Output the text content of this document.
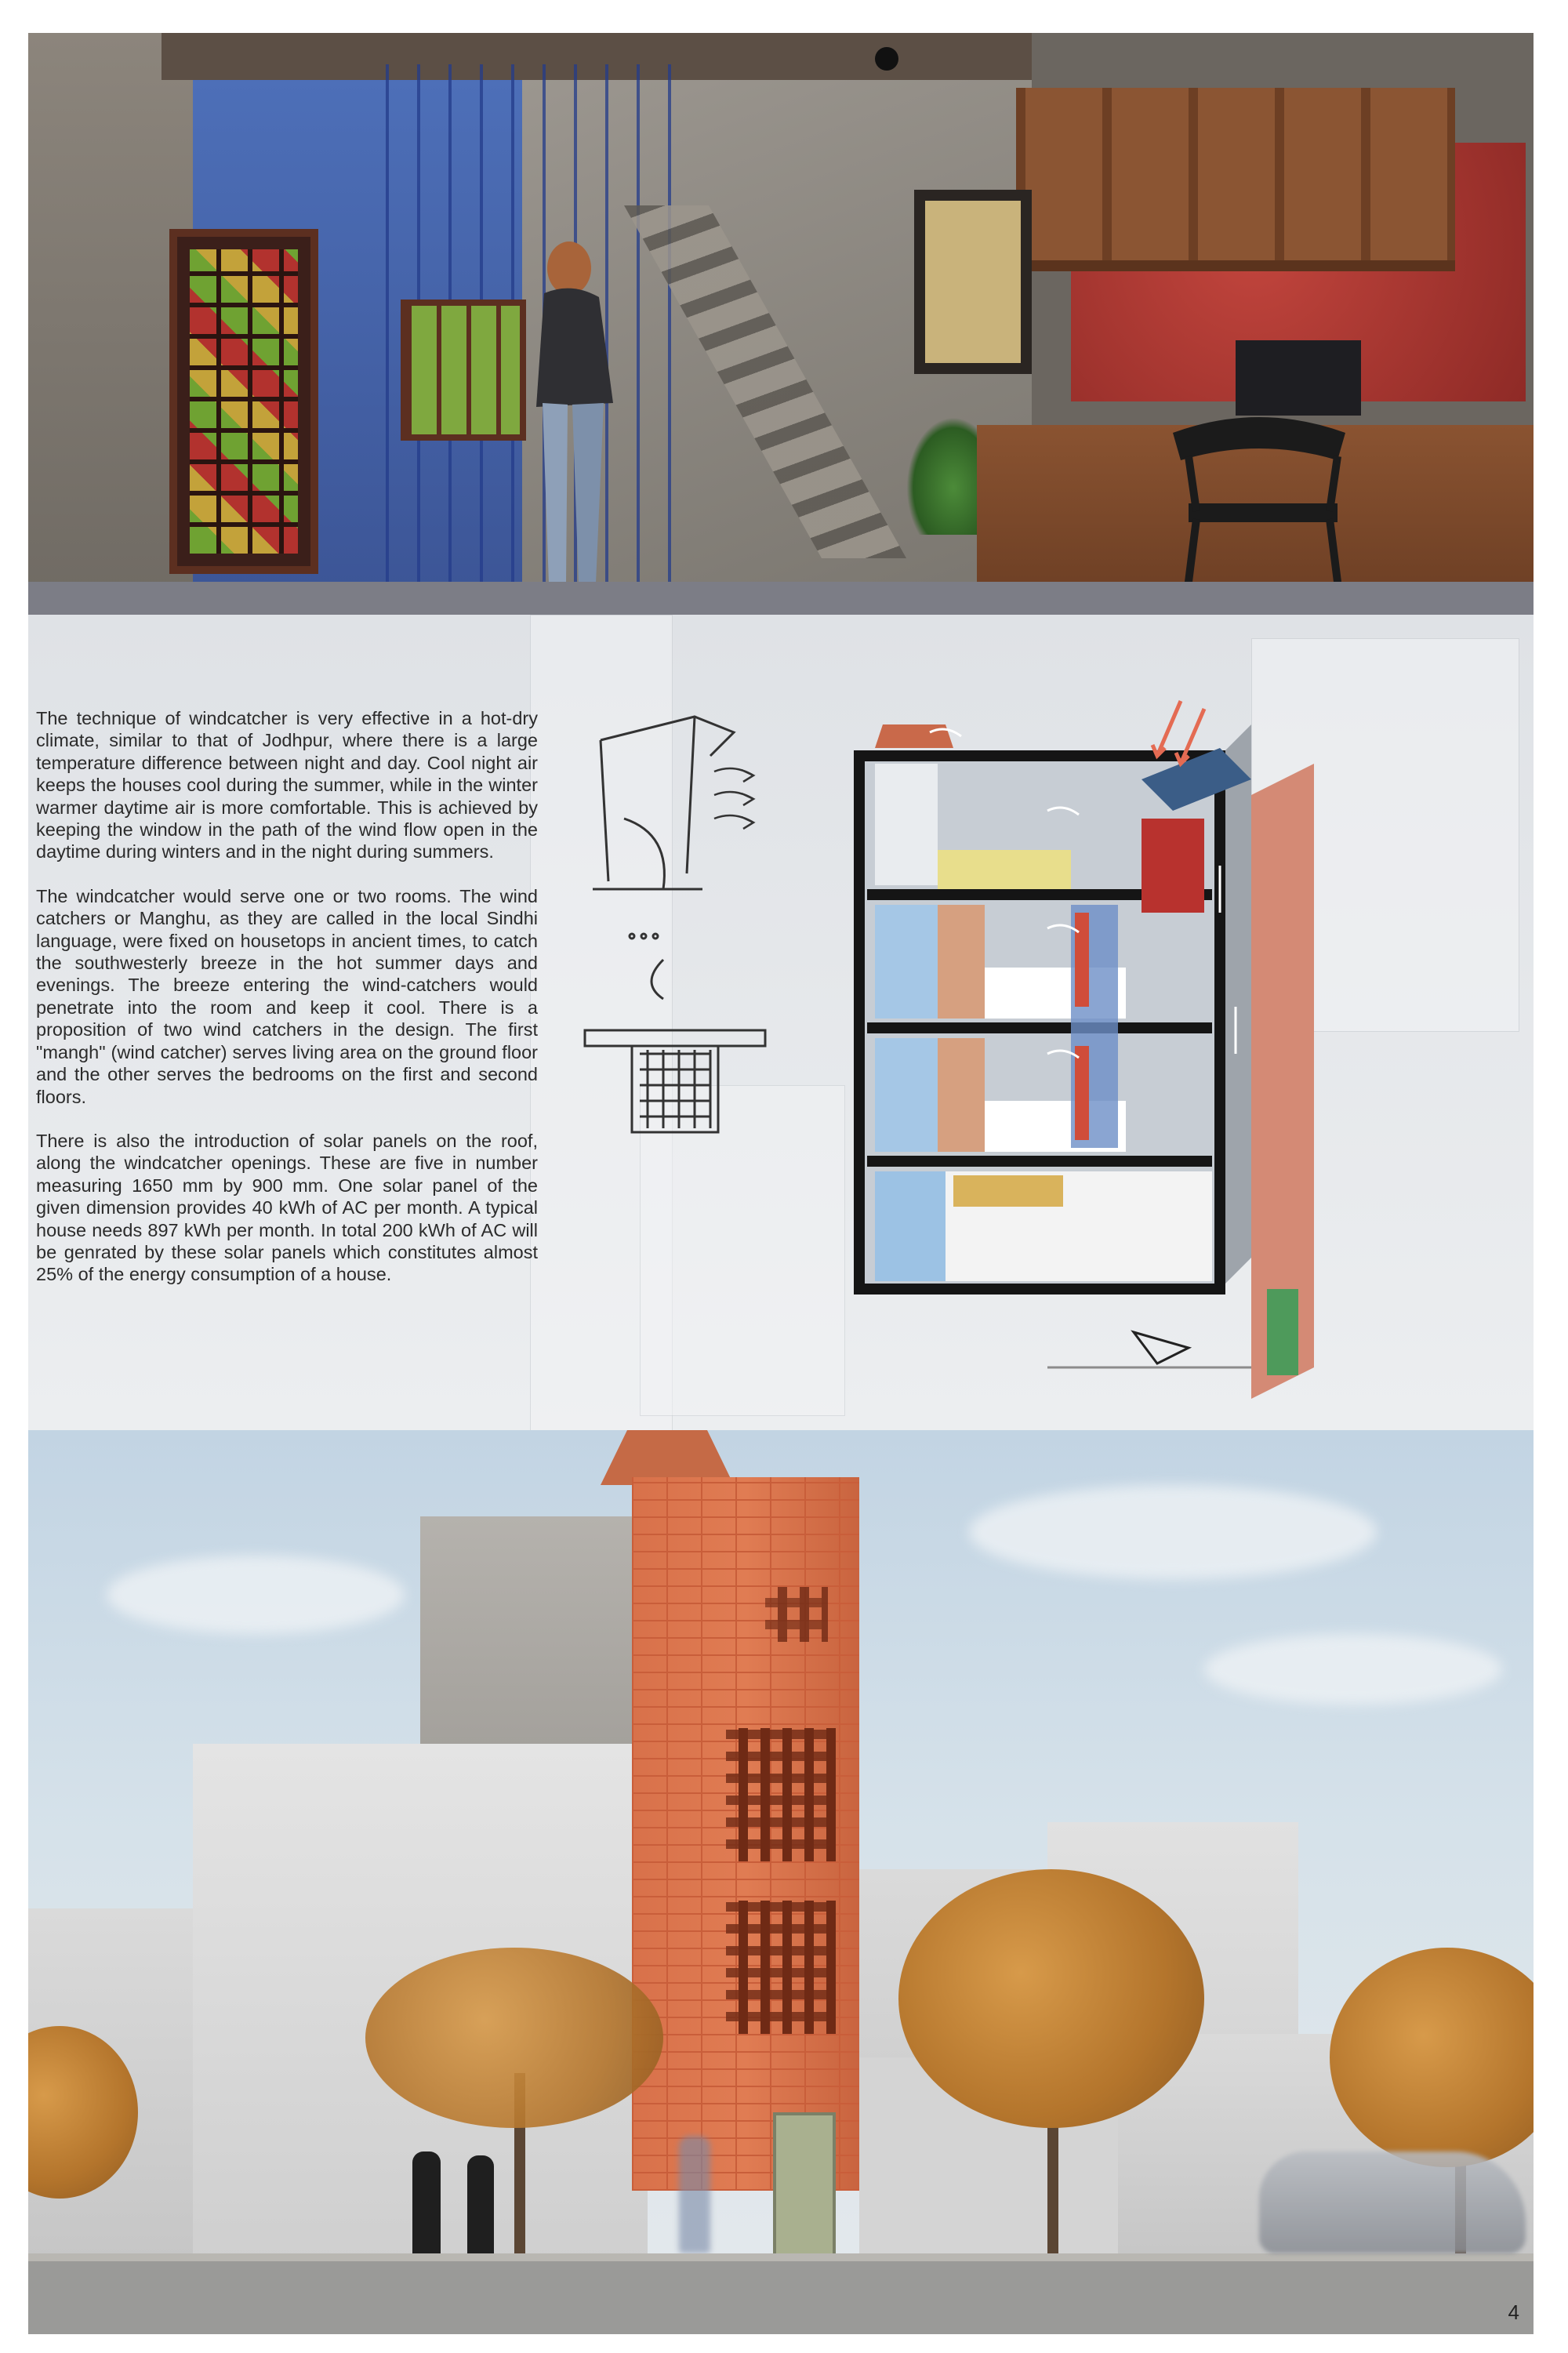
The technique of windcatcher is very effective in a hot-dry climate, similar to that of Jodhpur, where there is a large temperature difference between night and day. Cool night air keeps the houses cool during the summer, while in the winter warmer daytime air is more comfortable. This is achieved by keeping the window in the path of the wind flow open in the daytime during winters and in the night during summers.

The windcatcher would serve one or two rooms. The wind catchers or Manghu, as they are called in the local Sindhi language, were fixed on housetops in ancient times, to catch the southwesterly breeze in the hot summer days and evenings. The breeze entering the wind-catchers would penetrate into the room and keep it cool. There is a proposition of two wind catchers in the design. The first "mangh" (wind catcher) serves living area on the ground floor and the other serves the bedrooms on the first and second floors.

There is also the introduction of solar panels on the roof, along the windcatcher openings. These are five in number measuring 1650 mm by 900 mm. One solar panel of the given dimension provides 40 kWh of AC per month. A typical house needs 897 kWh per month. In total 200 kWh of AC will be genrated by these solar panels which constitutes almost 25% of the energy consumption of a house.

4
